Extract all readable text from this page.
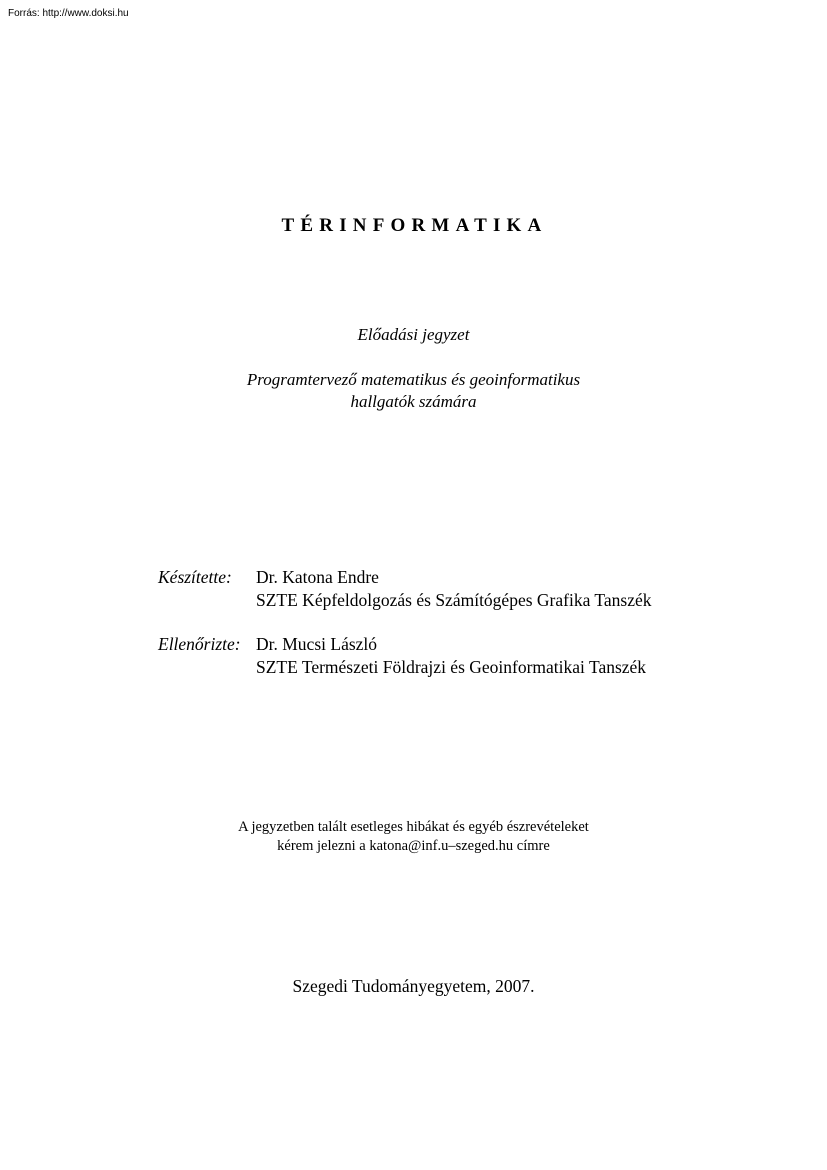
Forrás: http://www.doksi.hu
TÉRINFORMATIKA
Előadási jegyzet
Programtervező matematikus és geoinformatikus
hallgatók számára
Készítette: Dr. Katona Endre
SZTE Képfeldolgozás és Számítógépes Grafika Tanszék
Ellenőrizte: Dr. Mucsi László
SZTE Természeti Földrajzi és Geoinformatikai Tanszék
A jegyzetben talált esetleges hibákat és egyéb észrevételeket
kérem jelezni a katona@inf.u–szeged.hu címre
Szegedi Tudományegyetem, 2007.
